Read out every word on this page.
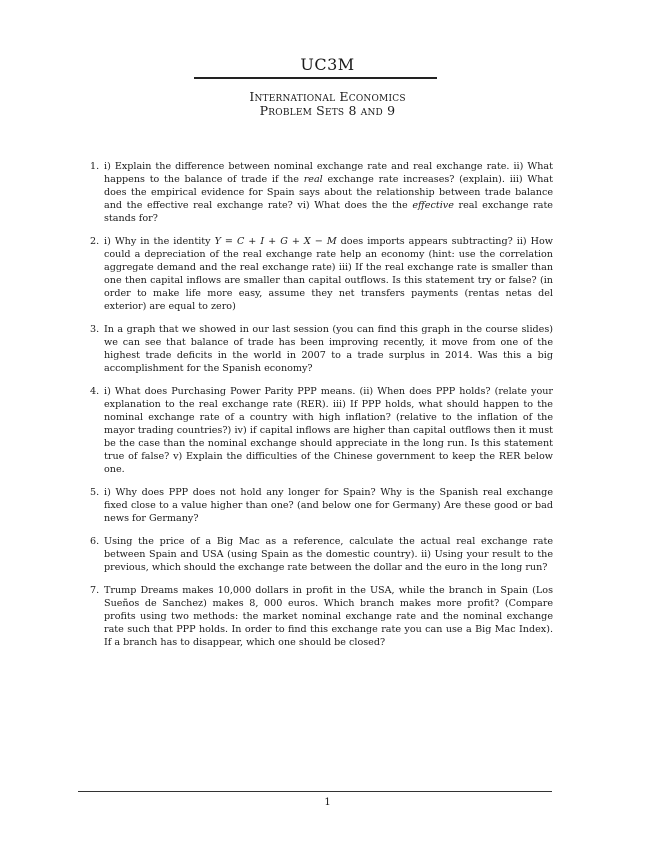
UC3M
International Economics
Problem Sets 8 and 9
1. i) Explain the difference between nominal exchange rate and real exchange rate. ii) What happens to the balance of trade if the real exchange rate increases? (explain). iii) What does the empirical evidence for Spain says about the relationship between trade balance and the effective real exchange rate? vi) What does the the effective real exchange rate stands for?
2. i) Why in the identity Y = C + I + G + X − M does imports appears subtracting? ii) How could a depreciation of the real exchange rate help an economy (hint: use the correlation aggregate demand and the real exchange rate) iii) If the real exchange rate is smaller than one then capital inflows are smaller than capital outflows. Is this statement try or false? (in order to make life more easy, assume they net transfers payments (rentas netas del exterior) are equal to zero)
3. In a graph that we showed in our last session (you can find this graph in the course slides) we can see that balance of trade has been improving recently, it move from one of the highest trade deficits in the world in 2007 to a trade surplus in 2014. Was this a big accomplishment for the Spanish economy?
4. i) What does Purchasing Power Parity PPP means. (ii) When does PPP holds? (relate your explanation to the real exchange rate (RER). iii) If PPP holds, what should happen to the nominal exchange rate of a country with high inflation? (relative to the inflation of the mayor trading countries?) iv) if capital inflows are higher than capital outflows then it must be the case than the nominal exchange should appreciate in the long run. Is this statement true of false? v) Explain the difficulties of the Chinese government to keep the RER below one.
5. i) Why does PPP does not hold any longer for Spain? Why is the Spanish real exchange fixed close to a value higher than one? (and below one for Germany) Are these good or bad news for Germany?
6. Using the price of a Big Mac as a reference, calculate the actual real exchange rate between Spain and USA (using Spain as the domestic country). ii) Using your result to the previous, which should the exchange rate between the dollar and the euro in the long run?
7. Trump Dreams makes 10,000 dollars in profit in the USA, while the branch in Spain (Los Sueños de Sanchez) makes 8, 000 euros. Which branch makes more profit? (Compare profits using two methods: the market nominal exchange rate and the nominal exchange rate such that PPP holds. In order to find this exchange rate you can use a Big Mac Index). If a branch has to disappear, which one should be closed?
1
